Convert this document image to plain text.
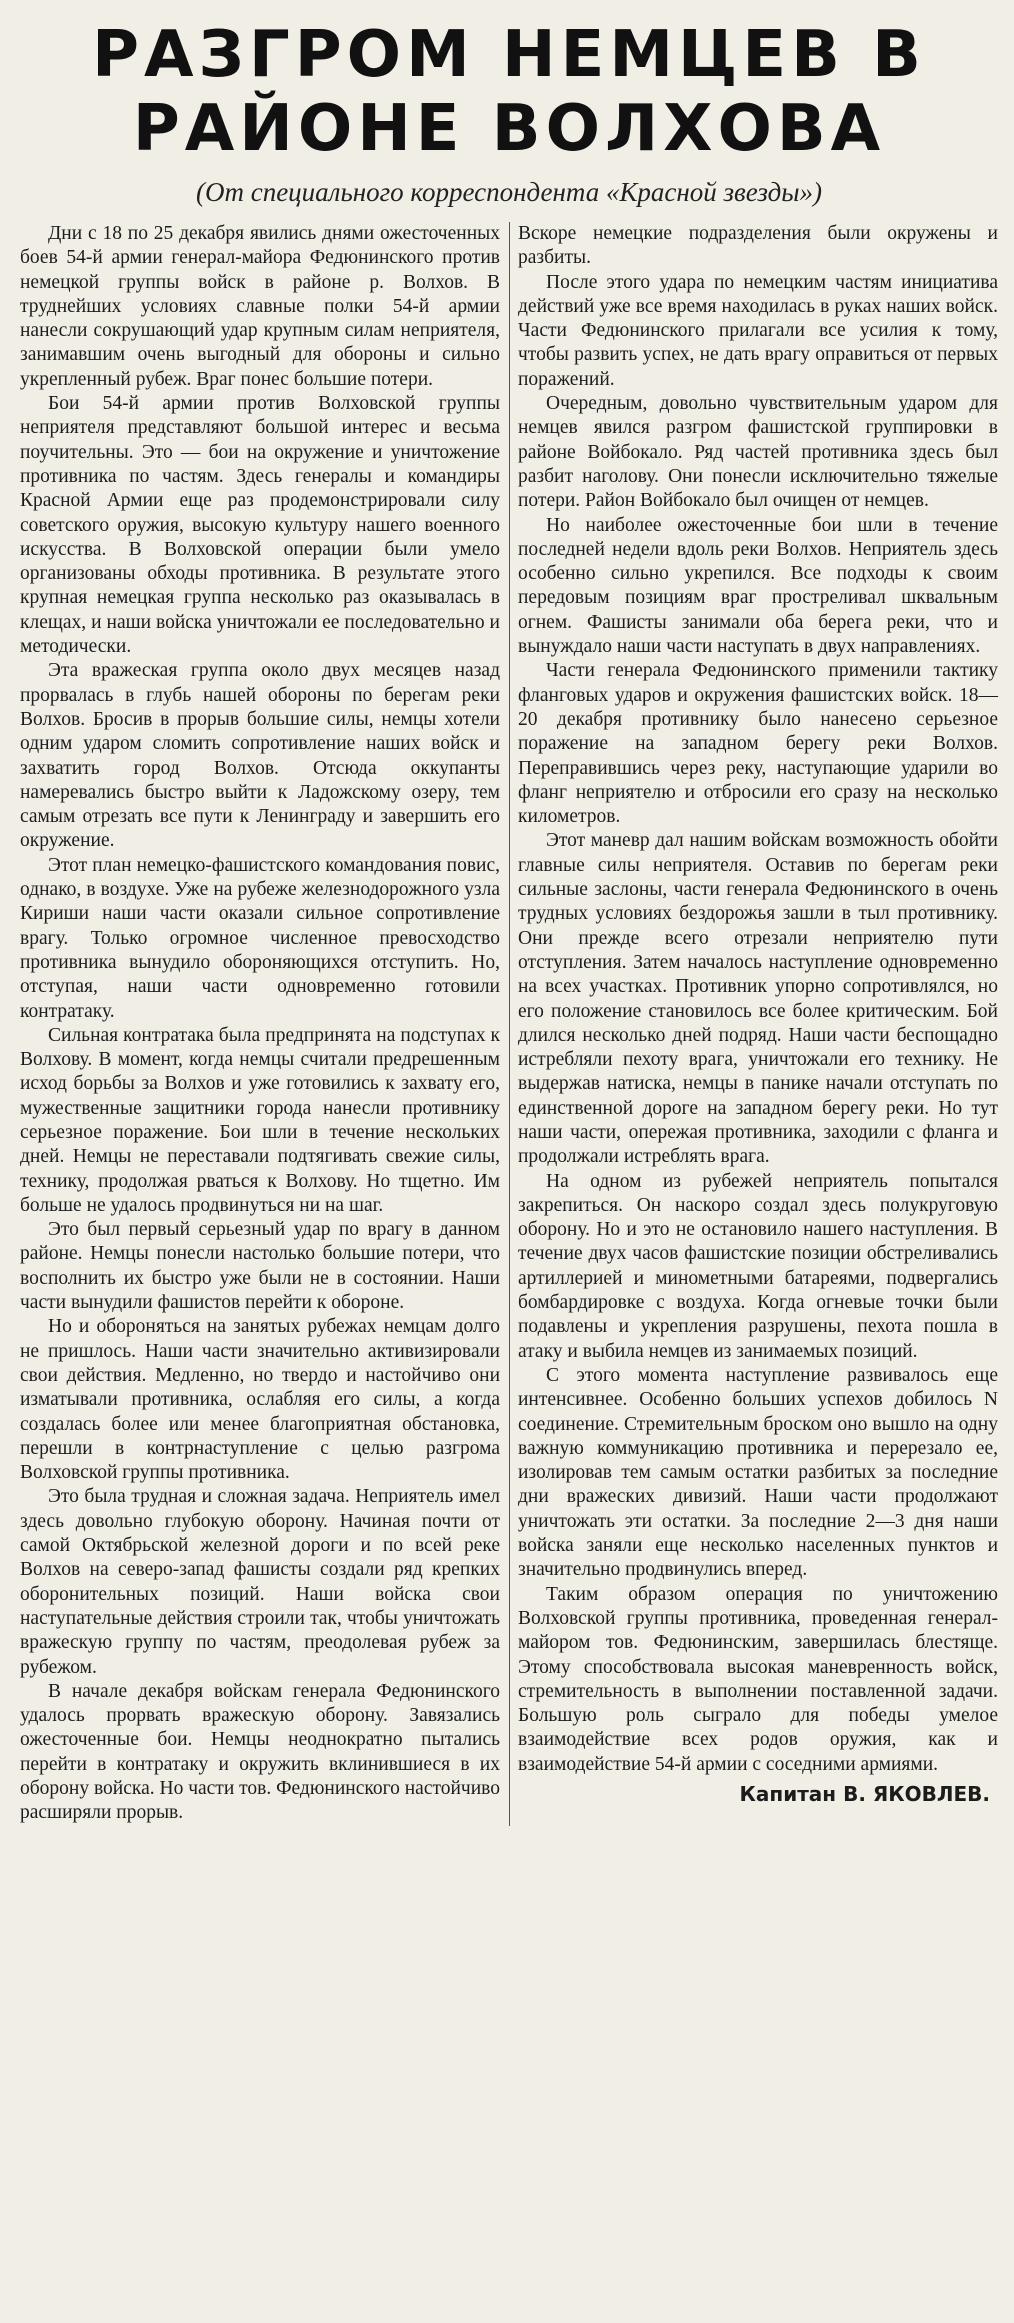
РАЗГРОМ НЕМЦЕВ В
РАЙОНЕ ВОЛХОВА
(От специального корреспондента «Красной звезды»)

Дни с 18 по 25 декабря явились днями ожесточенных боев 54-й армии генерал-майора Федюнинского против немецкой группы войск в районе р. Волхов. В труднейших условиях славные полки 54-й армии нанесли сокрушающий удар крупным силам неприятеля, занимавшим очень выгодный для обороны и сильно укрепленный рубеж. Враг понес большие потери.

Бои 54-й армии против Волховской группы неприятеля представляют большой интерес и весьма поучительны. Это — бои на окружение и уничтожение противника по частям. Здесь генералы и командиры Красной Армии еще раз продемонстрировали силу советского оружия, высокую культуру нашего военного искусства. В Волховской операции были умело организованы обходы противника. В результате этого крупная немецкая группа несколько раз оказывалась в клещах, и наши войска уничтожали ее последовательно и методически.

Эта вражеская группа около двух месяцев назад прорвалась в глубь нашей обороны по берегам реки Волхов. Бросив в прорыв большие силы, немцы хотели одним ударом сломить сопротивление наших войск и захватить город Волхов. Отсюда оккупанты намеревались быстро выйти к Ладожскому озеру, тем самым отрезать все пути к Ленинграду и завершить его окружение.

Этот план немецко-фашистского командования повис, однако, в воздухе. Уже на рубеже железнодорожного узла Кириши наши части оказали сильное сопротивление врагу. Только огромное численное превосходство противника вынудило обороняющихся отступить. Но, отступая, наши части одновременно готовили контратаку.

Сильная контратака была предпринята на подступах к Волхову. В момент, когда немцы считали предрешенным исход борьбы за Волхов и уже готовились к захвату его, мужественные защитники города нанесли противнику серьезное поражение. Бои шли в течение нескольких дней. Немцы не переставали подтягивать свежие силы, технику, продолжая рваться к Волхову. Но тщетно. Им больше не удалось продвинуться ни на шаг.

Это был первый серьезный удар по врагу в данном районе. Немцы понесли настолько большие потери, что восполнить их быстро уже были не в состоянии. Наши части вынудили фашистов перейти к обороне.

Но и обороняться на занятых рубежах немцам долго не пришлось. Наши части значительно активизировали свои действия. Медленно, но твердо и настойчиво они изматывали противника, ослабляя его силы, а когда создалась более или менее благоприятная обстановка, перешли в контрнаступление с целью разгрома Волховской группы противника.

Это была трудная и сложная задача. Неприятель имел здесь довольно глубокую оборону. Начиная почти от самой Октябрьской железной дороги и по всей реке Волхов на северо-запад фашисты создали ряд крепких оборонительных позиций. Наши войска свои наступательные действия строили так, чтобы уничтожать вражескую группу по частям, преодолевая рубеж за рубежом.

В начале декабря войскам генерала Федюнинского удалось прорвать вражескую оборону. Завязались ожесточенные бои. Немцы неоднократно пытались перейти в контратаку и окружить вклинившиеся в их оборону войска. Но части тов. Федюнинского настойчиво расширяли прорыв.

Вскоре немецкие подразделения были окружены и разбиты.

После этого удара по немецким частям инициатива действий уже все время находилась в руках наших войск. Части Федюнинского прилагали все усилия к тому, чтобы развить успех, не дать врагу оправиться от первых поражений.

Очередным, довольно чувствительным ударом для немцев явился разгром фашистской группировки в районе Войбокало. Ряд частей противника здесь был разбит наголову. Они понесли исключительно тяжелые потери. Район Войбокало был очищен от немцев.

Но наиболее ожесточенные бои шли в течение последней недели вдоль реки Волхов. Неприятель здесь особенно сильно укрепился. Все подходы к своим передовым позициям враг простреливал шквальным огнем. Фашисты занимали оба берега реки, что и вынуждало наши части наступать в двух направлениях.

Части генерала Федюнинского применили тактику фланговых ударов и окружения фашистских войск. 18—20 декабря противнику было нанесено серьезное поражение на западном берегу реки Волхов. Переправившись через реку, наступающие ударили во фланг неприятелю и отбросили его сразу на несколько километров.

Этот маневр дал нашим войскам возможность обойти главные силы неприятеля. Оставив по берегам реки сильные заслоны, части генерала Федюнинского в очень трудных условиях бездорожья зашли в тыл противнику. Они прежде всего отрезали неприятелю пути отступления. Затем началось наступление одновременно на всех участках. Противник упорно сопротивлялся, но его положение становилось все более критическим. Бой длился несколько дней подряд. Наши части беспощадно истребляли пехоту врага, уничтожали его технику. Не выдержав натиска, немцы в панике начали отступать по единственной дороге на западном берегу реки. Но тут наши части, опережая противника, заходили с фланга и продолжали истреблять врага.

На одном из рубежей неприятель попытался закрепиться. Он наскоро создал здесь полукруговую оборону. Но и это не остановило нашего наступления. В течение двух часов фашистские позиции обстреливались артиллерией и минометными батареями, подвергались бомбардировке с воздуха. Когда огневые точки были подавлены и укрепления разрушены, пехота пошла в атаку и выбила немцев из занимаемых позиций.

С этого момента наступление развивалось еще интенсивнее. Особенно больших успехов добилось N соединение. Стремительным броском оно вышло на одну важную коммуникацию противника и перерезало ее, изолировав тем самым остатки разбитых за последние дни вражеских дивизий. Наши части продолжают уничтожать эти остатки. За последние 2—3 дня наши войска заняли еще несколько населенных пунктов и значительно продвинулись вперед.

Таким образом операция по уничтожению Волховской группы противника, проведенная генерал-майором тов. Федюнинским, завершилась блестяще. Этому способствовала высокая маневренность войск, стремительность в выполнении поставленной задачи. Большую роль сыграло для победы умелое взаимодействие всех родов оружия, как и взаимодействие 54-й армии с соседними армиями.

Капитан В. ЯКОВЛЕВ.
